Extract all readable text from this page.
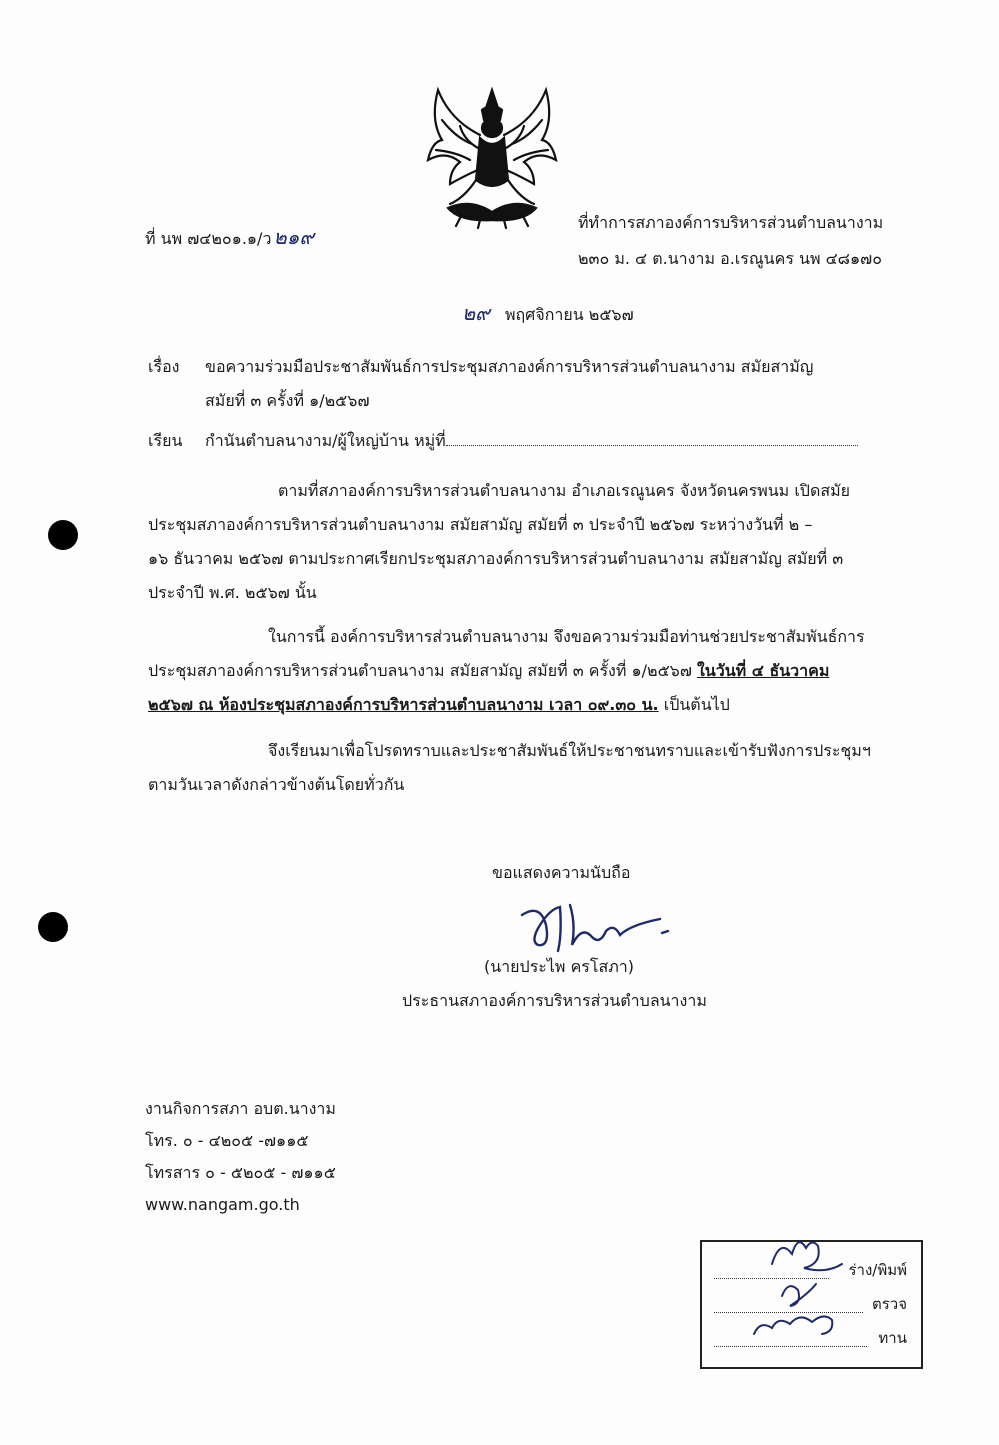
ที่ นพ ๗๔๒๐๑.๑/ว ๒๑๙
ที่ทำการสภาองค์การบริหารส่วนตำบลนางาม
๒๓๐ ม. ๔ ต.นางาม อ.เรณูนคร นพ ๔๘๑๗๐
๒๙ พฤศจิกายน ๒๕๖๗
เรื่อง ขอความร่วมมือประชาสัมพันธ์การประชุมสภาองค์การบริหารส่วนตำบลนางาม สมัยสามัญ
สมัยที่ ๓ ครั้งที่ ๑/๒๕๖๗
เรียน กำนันตำบลนางาม/ผู้ใหญ่บ้าน หมู่ที่
ตามที่สภาองค์การบริหารส่วนตำบลนางาม อำเภอเรณูนคร จังหวัดนครพนม เปิดสมัย
ประชุมสภาองค์การบริหารส่วนตำบลนางาม สมัยสามัญ สมัยที่ ๓ ประจำปี ๒๕๖๗ ระหว่างวันที่ ๒ –
๑๖ ธันวาคม ๒๕๖๗ ตามประกาศเรียกประชุมสภาองค์การบริหารส่วนตำบลนางาม สมัยสามัญ สมัยที่ ๓
ประจำปี พ.ศ. ๒๕๖๗ นั้น
ในการนี้ องค์การบริหารส่วนตำบลนางาม จึงขอความร่วมมือท่านช่วยประชาสัมพันธ์การ
ประชุมสภาองค์การบริหารส่วนตำบลนางาม สมัยสามัญ สมัยที่ ๓ ครั้งที่ ๑/๒๕๖๗ ในวันที่ ๔ ธันวาคม
๒๕๖๗ ณ ห้องประชุมสภาองค์การบริหารส่วนตำบลนางาม เวลา ๐๙.๓๐ น. เป็นต้นไป
จึงเรียนมาเพื่อโปรดทราบและประชาสัมพันธ์ให้ประชาชนทราบและเข้ารับฟังการประชุมฯ
ตามวันเวลาดังกล่าวข้างต้นโดยทั่วกัน
ขอแสดงความนับถือ
(นายประไพ ครโสภา)
ประธานสภาองค์การบริหารส่วนตำบลนางาม
งานกิจการสภา อบต.นางาม
โทร. ๐ - ๔๒๐๕ -๗๑๑๕
โทรสาร ๐ - ๕๒๐๕ - ๗๑๑๕
www.nangam.go.th
ร่าง/พิมพ์
ตรวจ
ทาน
